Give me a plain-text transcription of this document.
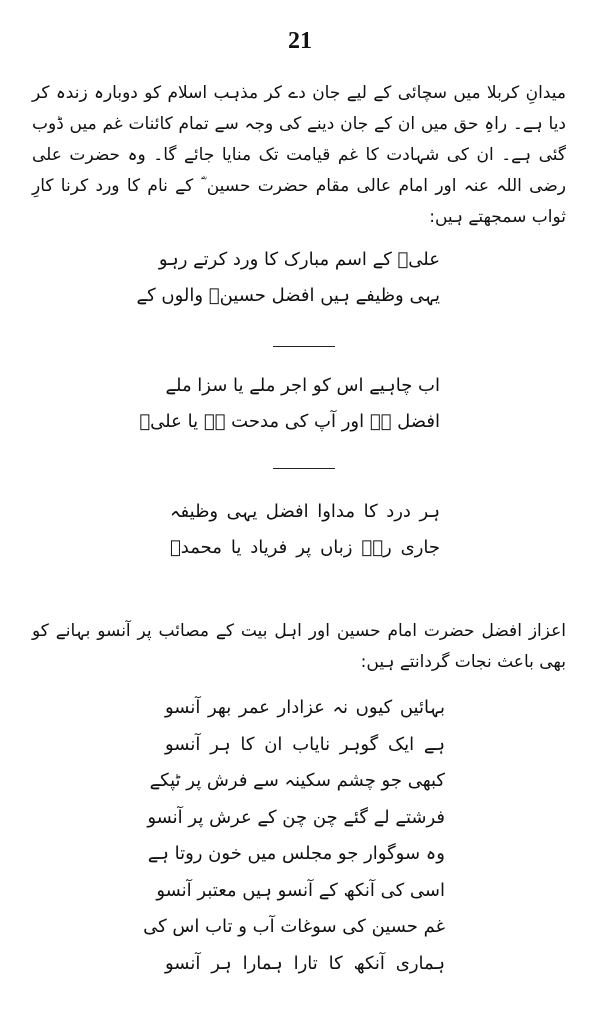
21

میدانِ کربلا میں سچائی کے لیے جان دے کر مذہب اسلام کو دوبارہ زندہ کر دیا ہے۔ راہِ حق میں ان کے جان دینے کی وجہ سے تمام کائنات غم میں ڈوب گئی ہے۔ ان کی شہادت کا غم قیامت تک منایا جائے گا۔ وہ حضرت علی رضی اللہ عنہ اور امام عالی مقام حضرت حسین ؓ کے نام کا ورد کرنا کارِ ثواب سمجھتے ہیں:

علیؑ کے اسم مبارک کا ورد کرتے رہو
یہی وظیفے ہیں افضل حسینؒ والوں کے
اب چاہیے اس کو اجر ملے یا سزا ملے
افضل ہے اور آپ کی مدحت ہے یا علیؑ
ہر درد کا مداوا افضل یہی وظیفہ
جاری رہے زباں پر فریاد یا محمدؐ

اعزاز افضل حضرت امام حسین اور اہل بیت کے مصائب پر آنسو بہانے کو بھی باعث نجات گردانتے ہیں:

بہائیں کیوں نہ عزادار عمر بھر آنسو
ہے ایک گوہر نایاب ان کا ہر آنسو
کبھی جو چشم سکینہ سے فرش پر ٹپکے
فرشتے لے گئے چن چن کے عرش پر آنسو
وہ سوگوار جو مجلس میں خون روتا ہے
اسی کی آنکھ کے آنسو ہیں معتبر آنسو
غم حسین کی سوغات آب و تاب اس کی
ہماری آنکھ کا تارا ہمارا ہر آنسو
